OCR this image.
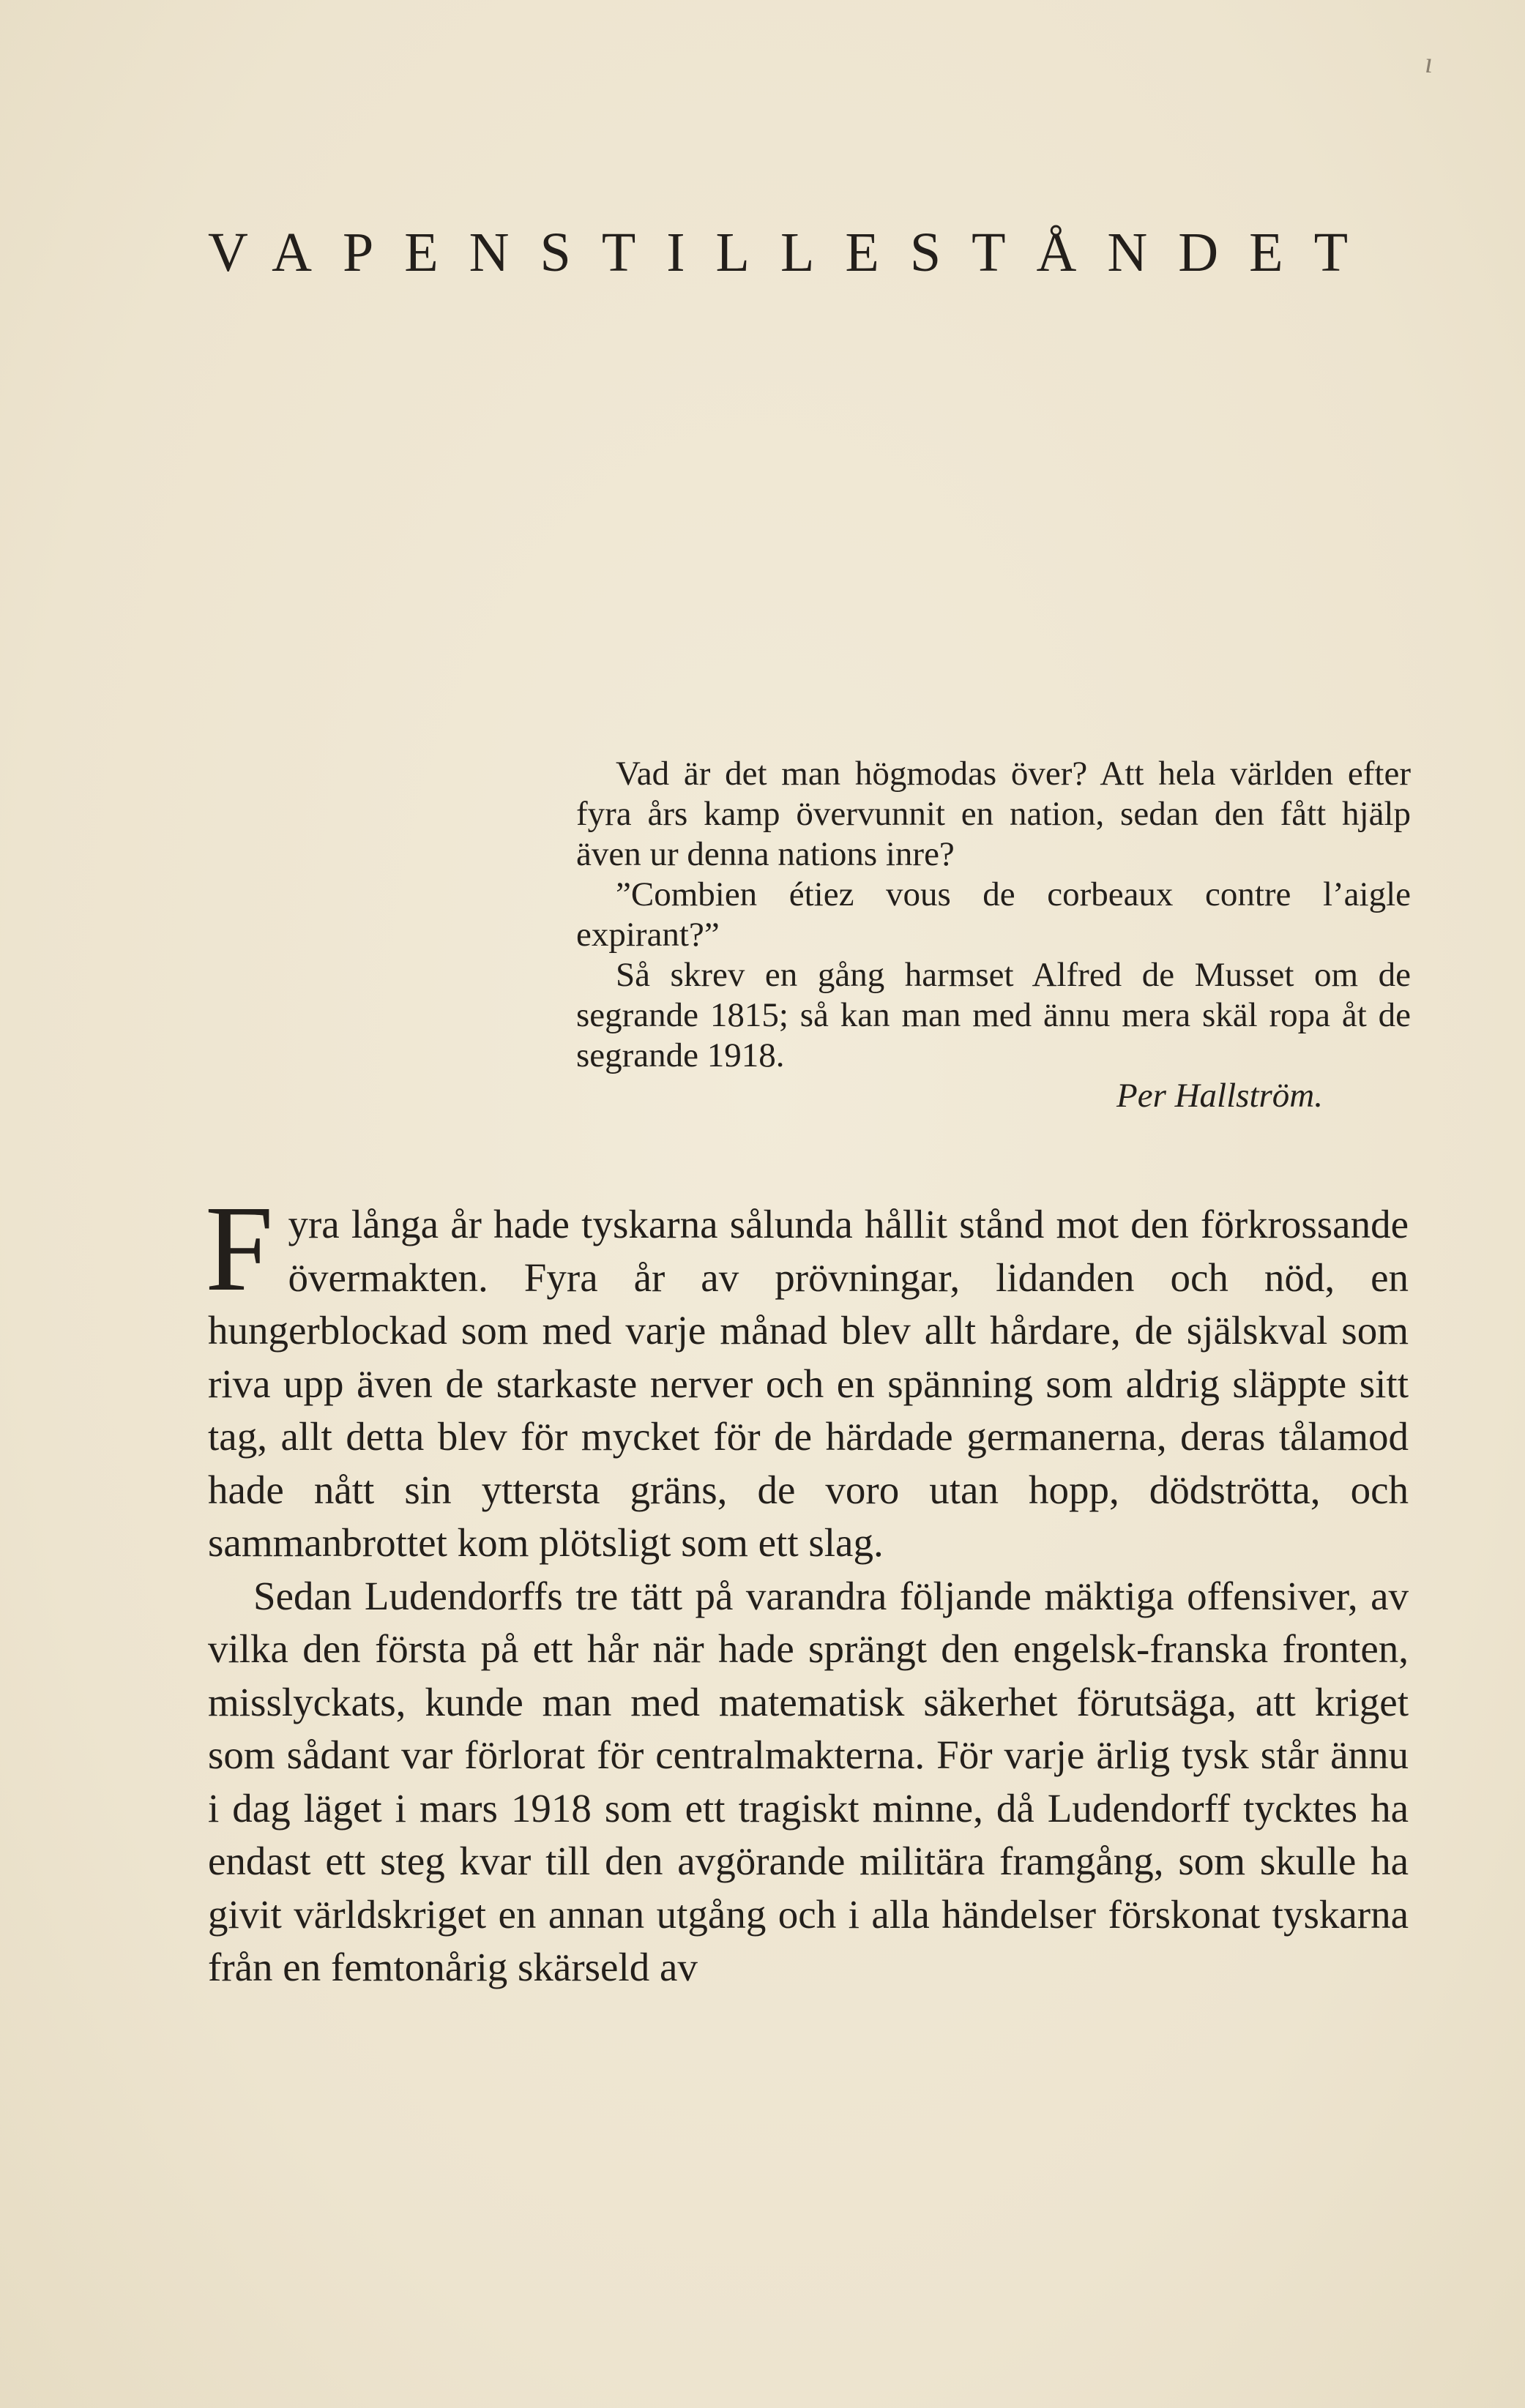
ı
VAPENSTILLESTÅNDET

Vad är det man högmodas över? Att hela världen efter fyra års kamp övervunnit en nation, sedan den fått hjälp även ur denna nations inre?

”Combien étiez vous de corbeaux contre l’aigle expirant?”

Så skrev en gång harmset Alfred de Musset om de segrande 1815; så kan man med ännu mera skäl ropa åt de segrande 1918.

Per Hallström.

Fyra långa år hade tyskarna sålunda hållit stånd mot den förkrossande övermakten. Fyra år av prövningar, lidanden och nöd, en hungerblockad som med varje månad blev allt hårdare, de själskval som riva upp även de starkaste nerver och en spänning som aldrig släppte sitt tag, allt detta blev för mycket för de härdade germanerna, deras tålamod hade nått sin yttersta gräns, de voro utan hopp, dödströtta, och sammanbrottet kom plötsligt som ett slag.

Sedan Ludendorffs tre tätt på varandra följande mäktiga offensiver, av vilka den första på ett hår när hade sprängt den engelsk-franska fronten, misslyckats, kunde man med matematisk säkerhet förutsäga, att kriget som sådant var förlorat för centralmakterna. För varje ärlig tysk står ännu i dag läget i mars 1918 som ett tragiskt minne, då Ludendorff tycktes ha endast ett steg kvar till den avgörande militära framgång, som skulle ha givit världskriget en annan utgång och i alla händelser förskonat tyskarna från en femtonårig skärseld av
